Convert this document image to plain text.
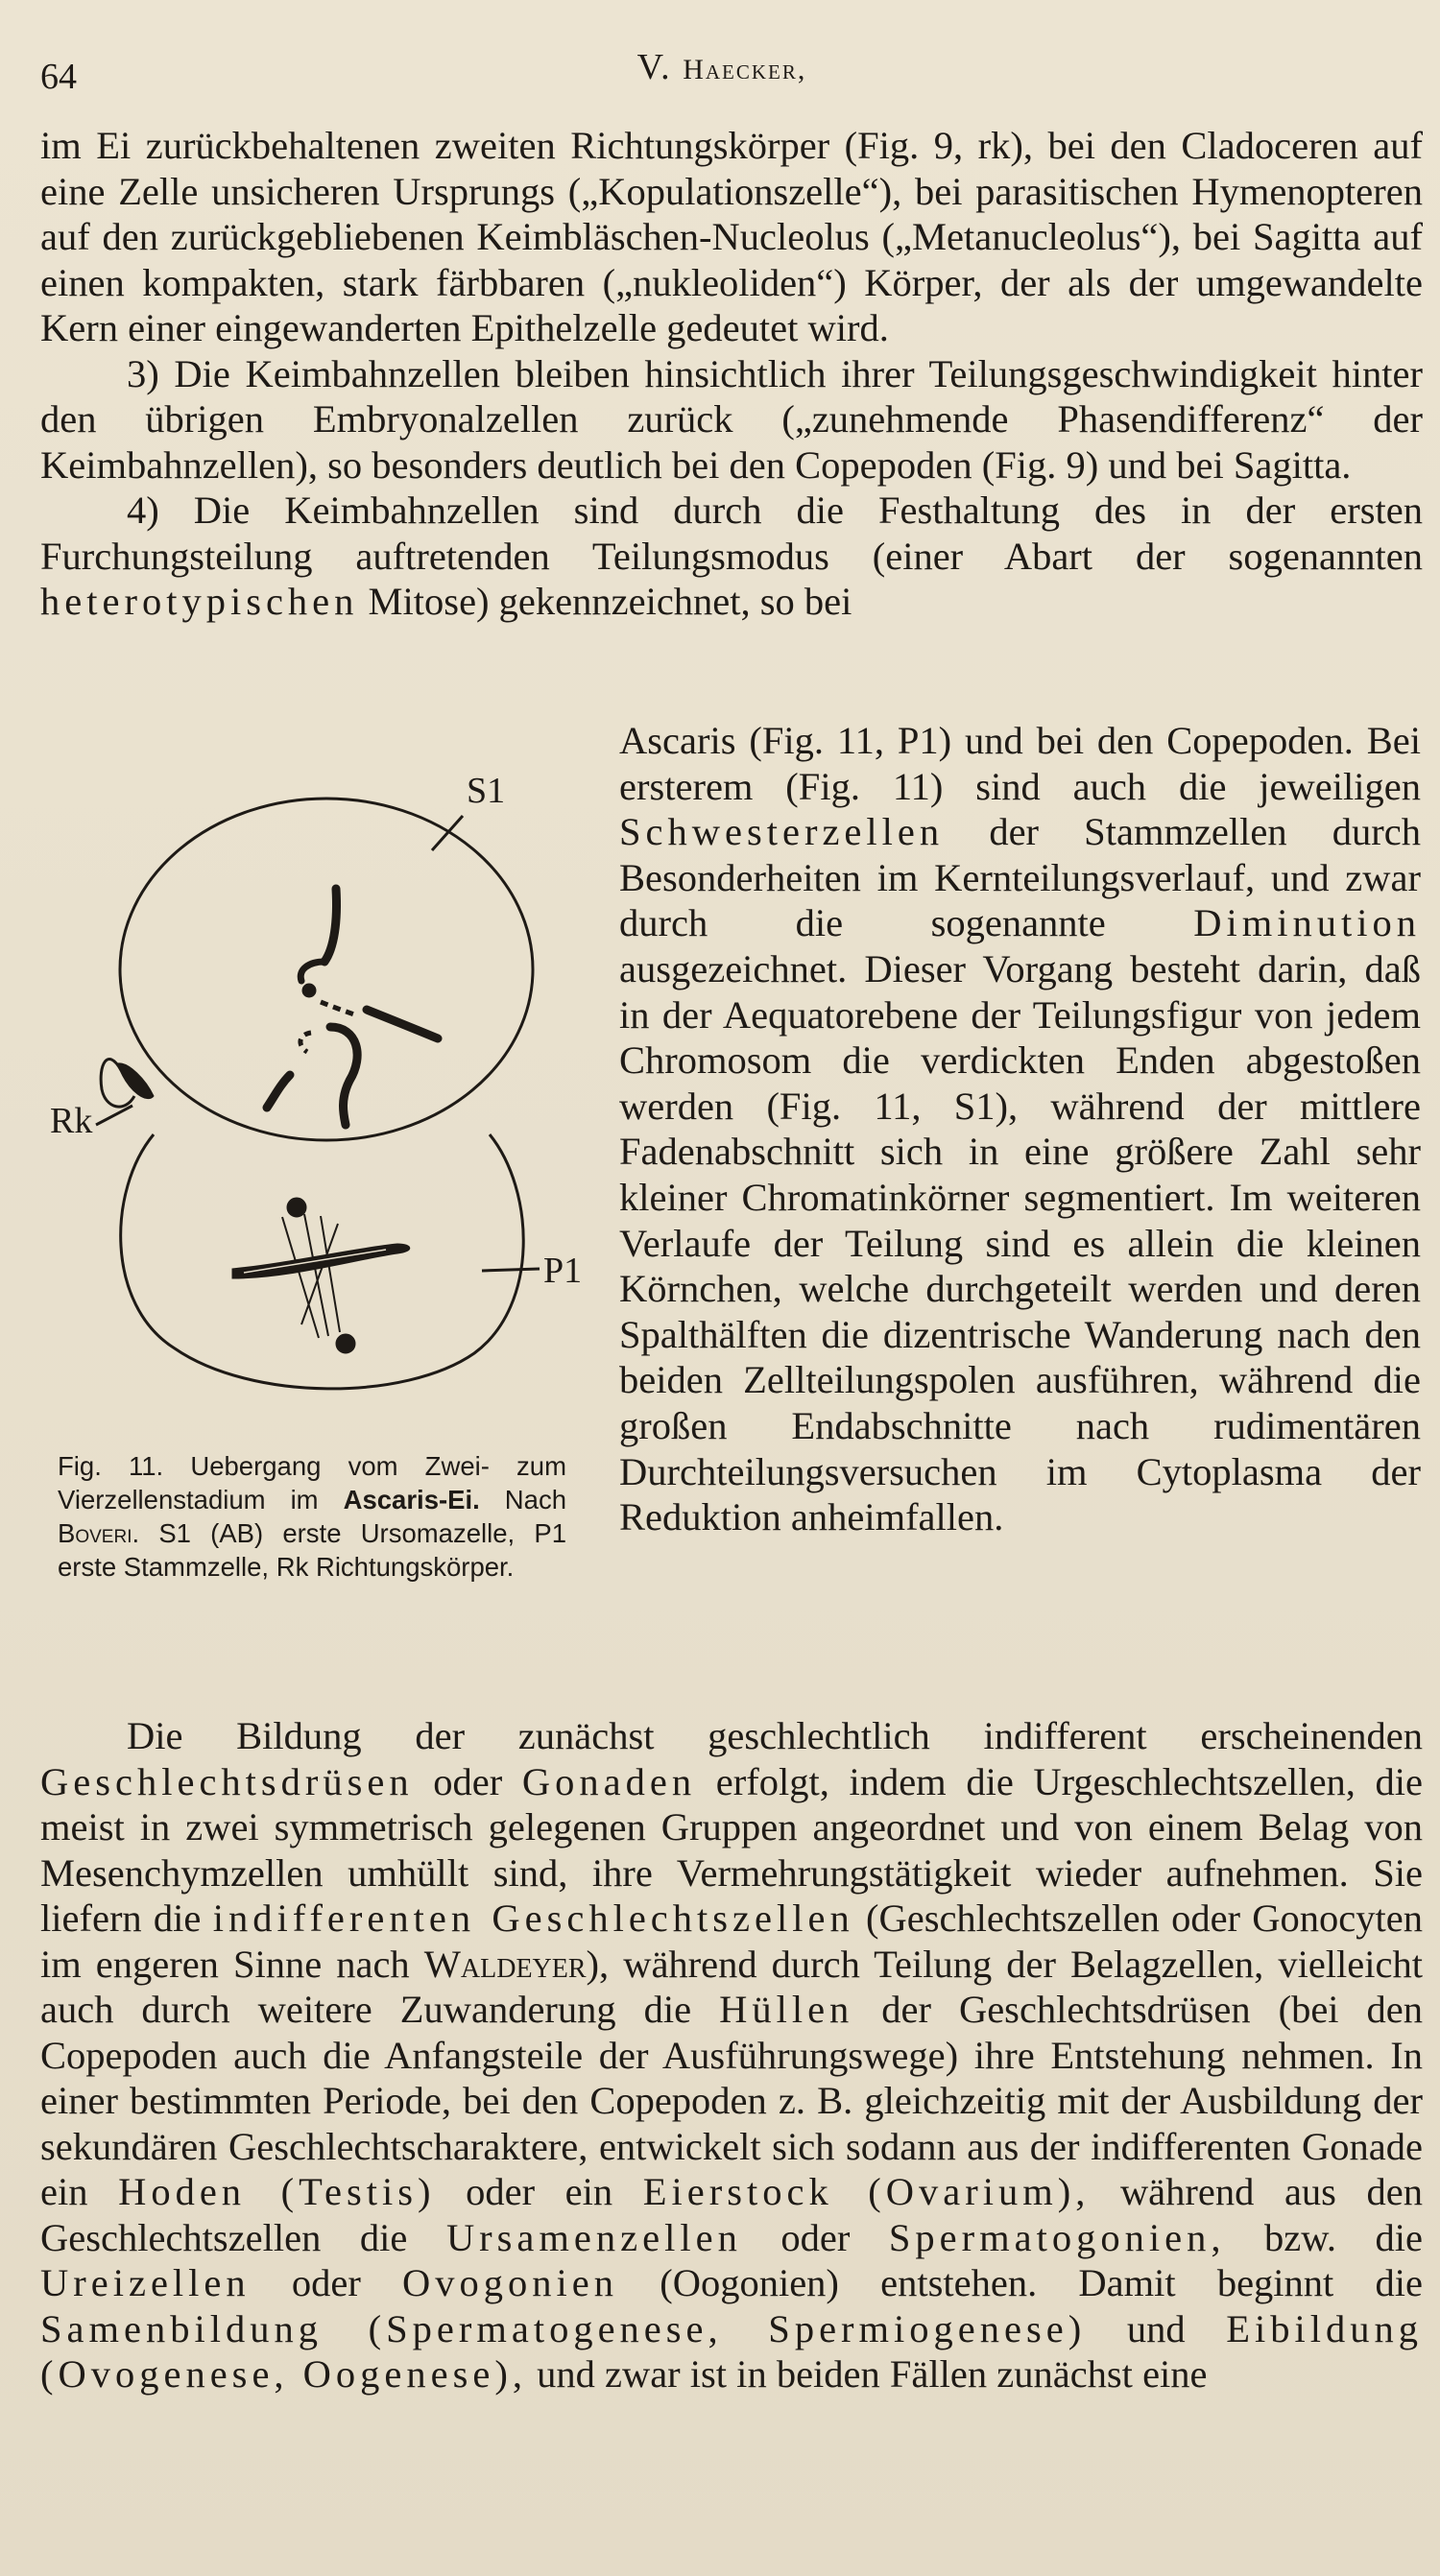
64	V. Haecker,

im Ei zurückbehaltenen zweiten Richtungskörper (Fig. 9, rk), bei den Cladoceren auf eine Zelle unsicheren Ursprungs („Kopulationszelle“), bei parasitischen Hymenopteren auf den zurückgebliebenen Keimbläschen-Nucleolus („Metanucleolus“), bei Sagitta auf einen kompakten, stark färbbaren („nukleoliden“) Körper, der als der umgewandelte Kern einer eingewanderten Epithelzelle gedeutet wird.

3) Die Keimbahnzellen bleiben hinsichtlich ihrer Teilungsgeschwindigkeit hinter den übrigen Embryonalzellen zurück („zunehmende Phasendifferenz“ der Keimbahnzellen), so besonders deutlich bei den Copepoden (Fig. 9) und bei Sagitta.

4) Die Keimbahnzellen sind durch die Festhaltung des in der ersten Furchungsteilung auftretenden Teilungsmodus (einer Abart der sogenannten heterotypischen Mitose) gekennzeichnet, so bei

S1
Rk
P1
Fig. 11. Uebergang vom Zwei- zum Vierzellenstadium im Ascaris-Ei. Nach Boveri. S1 (AB) erste Ursomazelle, P1 erste Stammzelle, Rk Richtungskörper.
Ascaris (Fig. 11, P1) und bei den Copepoden. Bei ersterem (Fig. 11) sind auch die jeweiligen Schwesterzellen der Stammzellen durch Besonderheiten im Kernteilungsverlauf, und zwar durch die sogenannte Diminution ausgezeichnet. Dieser Vorgang besteht darin, daß in der Aequatorebene der Teilungsfigur von jedem Chromosom die verdickten Enden abgestoßen werden (Fig. 11, S1), während der mittlere Fadenabschnitt sich in eine größere Zahl sehr kleiner Chromatinkörner segmentiert. Im weiteren Verlaufe der Teilung sind es allein die kleinen Körnchen, welche durchgeteilt werden und deren Spalthälften die dizentrische Wanderung nach den beiden Zellteilungspolen ausführen, während die großen Endabschnitte nach rudimentären Durchteilungsversuchen im Cytoplasma der Reduktion anheimfallen.

Die Bildung der zunächst geschlechtlich indifferent erscheinenden Geschlechtsdrüsen oder Gonaden erfolgt, indem die Urgeschlechtszellen, die meist in zwei symmetrisch gelegenen Gruppen angeordnet und von einem Belag von Mesenchymzellen umhüllt sind, ihre Vermehrungstätigkeit wieder aufnehmen. Sie liefern die indifferenten Geschlechtszellen (Geschlechtszellen oder Gonocyten im engeren Sinne nach Waldeyer), während durch Teilung der Belagzellen, vielleicht auch durch weitere Zuwanderung die Hüllen der Geschlechtsdrüsen (bei den Copepoden auch die Anfangsteile der Ausführungswege) ihre Entstehung nehmen. In einer bestimmten Periode, bei den Copepoden z. B. gleichzeitig mit der Ausbildung der sekundären Geschlechtscharaktere, entwickelt sich sodann aus der indifferenten Gonade ein Hoden (Testis) oder ein Eierstock (Ovarium), während aus den Geschlechtszellen die Ursamenzellen oder Spermatogonien, bzw. die Ureizellen oder Ovogonien (Oogonien) entstehen. Damit beginnt die Samenbildung (Spermatogenese, Spermiogenese) und Eibildung (Ovogenese, Oogenese), und zwar ist in beiden Fällen zunächst eine
